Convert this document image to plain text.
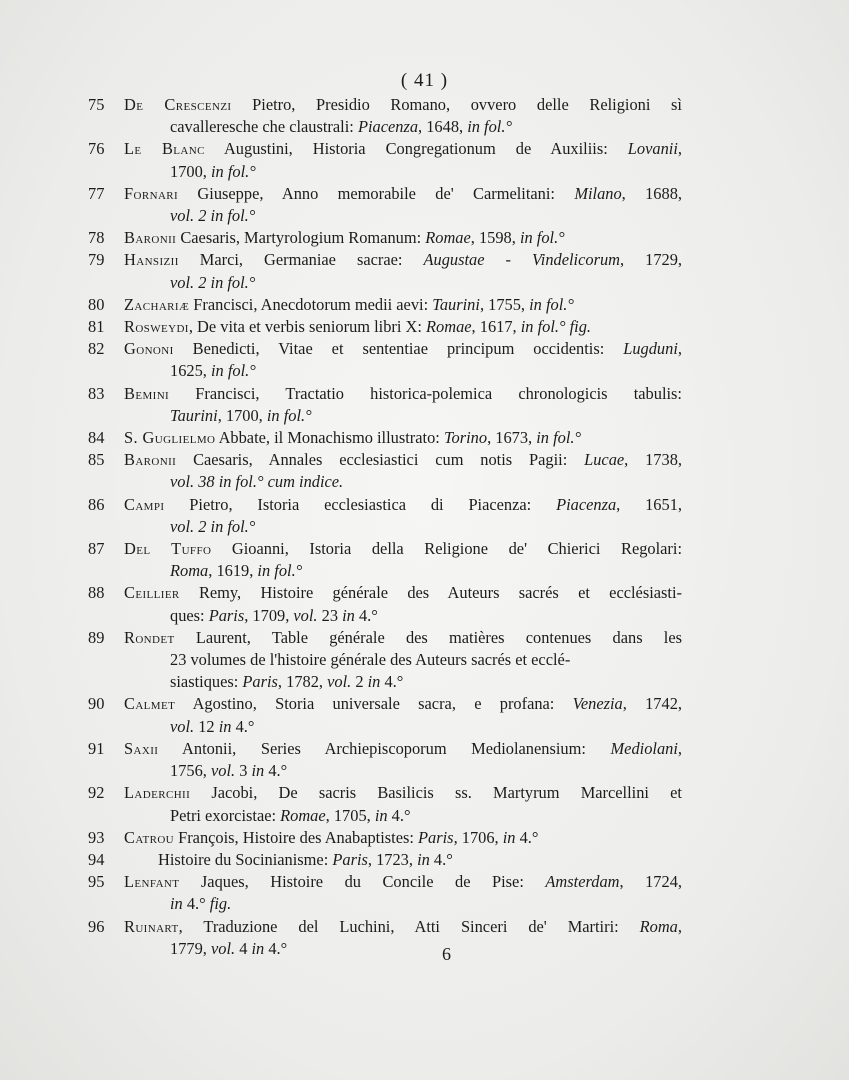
( 41 )
75	De Crescenzi Pietro, Presidio Romano, ovvero delle Religioni sì
cavalleresche che claustrali: Piacenza, 1648, in fol.°
76	Le Blanc Augustini, Historia Congregationum de Auxiliis: Lovanii,
1700, in fol.°
77	Fornari Giuseppe, Anno memorabile de' Carmelitani: Milano, 1688,
vol. 2 in fol.°
78	Baronii Caesaris, Martyrologium Romanum: Romae, 1598, in fol.°
79	Hansizii Marci, Germaniae sacrae: Augustae - Vindelicorum, 1729,
vol. 2 in fol.°
80	Zachariæ Francisci, Anecdotorum medii aevi: Taurini, 1755, in fol.°
81	Rosweydi, De vita et verbis seniorum libri X: Romae, 1617, in fol.° fig.
82	Gononi Benedicti, Vitae et sententiae principum occidentis: Lugduni,
1625, in fol.°
83	Bemini Francisci, Tractatio historica-polemica chronologicis tabulis:
Taurini, 1700, in fol.°
84	S. Guglielmo Abbate, il Monachismo illustrato: Torino, 1673, in fol.°
85	Baronii Caesaris, Annales ecclesiastici cum notis Pagii: Lucae, 1738,
vol. 38 in fol.° cum indice.
86	Campi Pietro, Istoria ecclesiastica di Piacenza: Piacenza, 1651,
vol. 2 in fol.°
87	Del Tuffo Gioanni, Istoria della Religione de' Chierici Regolari:
Roma, 1619, in fol.°
88	Ceillier Remy, Histoire générale des Auteurs sacrés et ecclésiasti-
ques: Paris, 1709, vol. 23 in 4.°
89	Rondet Laurent, Table générale des matières contenues dans les
23 volumes de l'histoire générale des Auteurs sacrés et ecclé-
siastiques: Paris, 1782, vol. 2 in 4.°
90	Calmet Agostino, Storia universale sacra, e profana: Venezia, 1742,
vol. 12 in 4.°
91	Saxii Antonii, Series Archiepiscoporum Mediolanensium: Mediolani,
1756, vol. 3 in 4.°
92	Laderchii Jacobi, De sacris Basilicis ss. Martyrum Marcellini et
Petri exorcistae: Romae, 1705, in 4.°
93	Catrou François, Histoire des Anabaptistes: Paris, 1706, in 4.°
94	Histoire du Socinianisme: Paris, 1723, in 4.°
95	Lenfant Jaques, Histoire du Concile de Pise: Amsterdam, 1724,
in 4.° fig.
96	Ruinart, Traduzione del Luchini, Atti Sinceri de' Martiri: Roma,
1779, vol. 4 in 4.°	6
